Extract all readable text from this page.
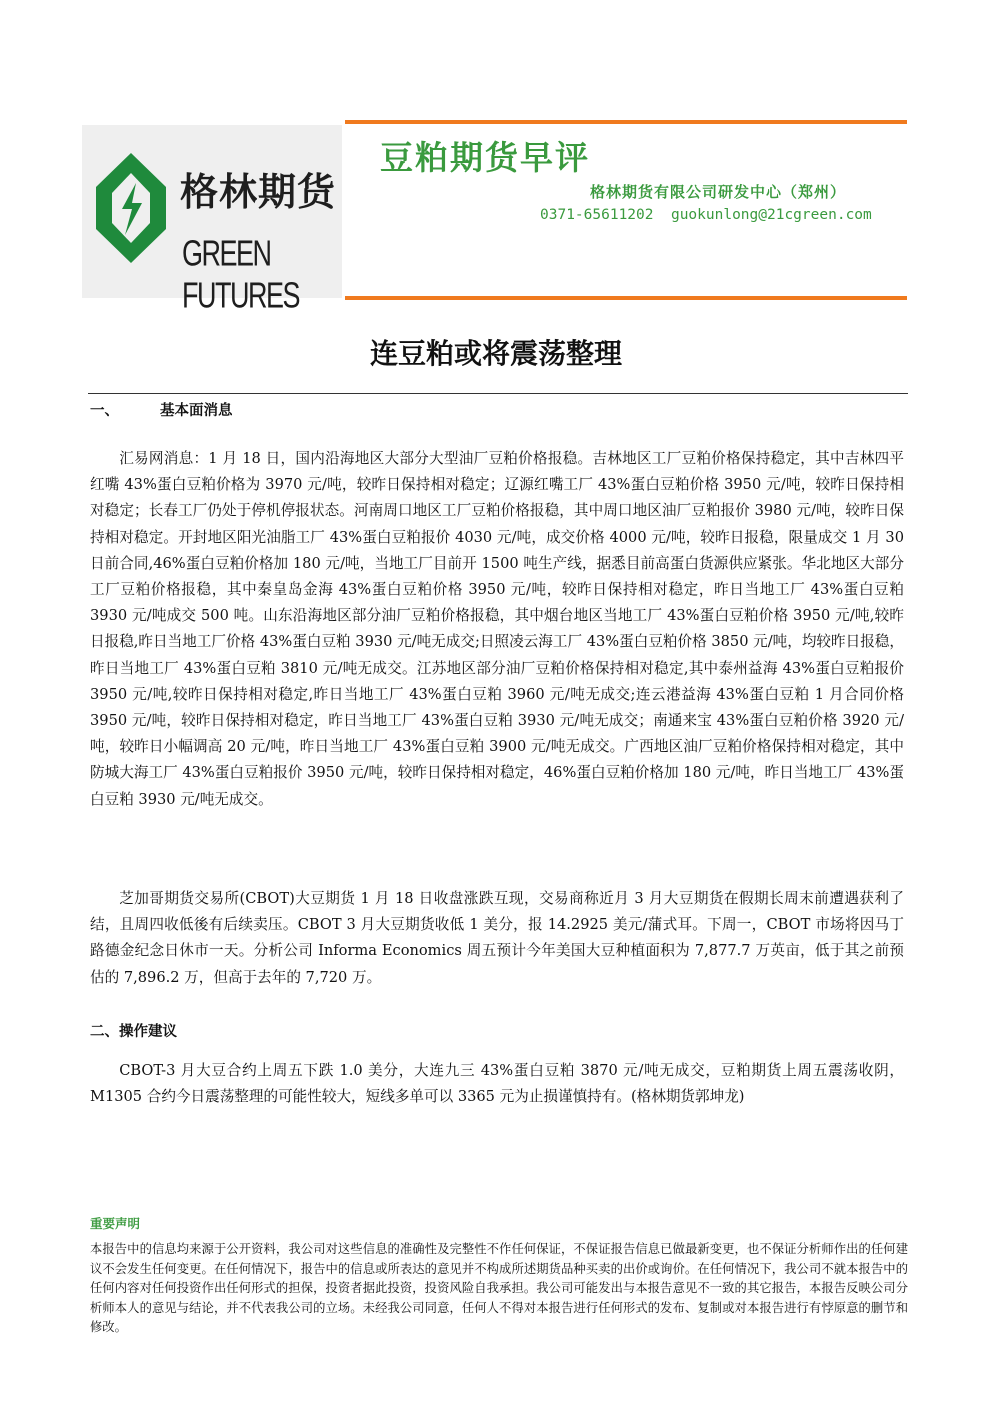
格林期货
GREEN FUTURES
豆粕期货早评
格林期货有限公司研发中心（郑州）
0371-65611202 guokunlong@21cgreen.com
连豆粕或将震荡整理
一、	基本面消息

汇易网消息：1 月 18 日，国内沿海地区大部分大型油厂豆粕价格报稳。吉林地区工厂豆粕价格保持稳定，其中吉林四平红嘴 43%蛋白豆粕价格为 3970 元/吨，较昨日保持相对稳定；辽源红嘴工厂 43%蛋白豆粕价格 3950 元/吨，较昨日保持相对稳定；长春工厂仍处于停机停报状态。河南周口地区工厂豆粕价格报稳，其中周口地区油厂豆粕报价 3980 元/吨，较昨日保持相对稳定。开封地区阳光油脂工厂 43%蛋白豆粕报价 4030 元/吨，成交价格 4000 元/吨，较昨日报稳，限量成交 1 月 30 日前合同,46%蛋白豆粕价格加 180 元/吨，当地工厂目前开 1500 吨生产线，据悉目前高蛋白货源供应紧张。华北地区大部分工厂豆粕价格报稳，其中秦皇岛金海 43%蛋白豆粕价格 3950 元/吨，较昨日保持相对稳定，昨日当地工厂 43%蛋白豆粕 3930 元/吨成交 500 吨。山东沿海地区部分油厂豆粕价格报稳，其中烟台地区当地工厂 43%蛋白豆粕价格 3950 元/吨,较昨日报稳,昨日当地工厂价格 43%蛋白豆粕 3930 元/吨无成交;日照凌云海工厂 43%蛋白豆粕价格 3850 元/吨，均较昨日报稳，昨日当地工厂 43%蛋白豆粕 3810 元/吨无成交。江苏地区部分油厂豆粕价格保持相对稳定,其中泰州益海 43%蛋白豆粕报价 3950 元/吨,较昨日保持相对稳定,昨日当地工厂 43%蛋白豆粕 3960 元/吨无成交;连云港益海 43%蛋白豆粕 1 月合同价格 3950 元/吨，较昨日保持相对稳定，昨日当地工厂 43%蛋白豆粕 3930 元/吨无成交；南通来宝 43%蛋白豆粕价格 3920 元/吨，较昨日小幅调高 20 元/吨，昨日当地工厂 43%蛋白豆粕 3900 元/吨无成交。广西地区油厂豆粕价格保持相对稳定，其中防城大海工厂 43%蛋白豆粕报价 3950 元/吨，较昨日保持相对稳定，46%蛋白豆粕价格加 180 元/吨，昨日当地工厂 43%蛋白豆粕 3930 元/吨无成交。

芝加哥期货交易所(CBOT)大豆期货 1 月 18 日收盘涨跌互现，交易商称近月 3 月大豆期货在假期长周末前遭遇获利了结，且周四收低後有后续卖压。CBOT 3 月大豆期货收低 1 美分，报 14.2925 美元/蒲式耳。下周一，CBOT 市场将因马丁路德金纪念日休市一天。分析公司 Informa Economics 周五预计今年美国大豆种植面积为 7,877.7 万英亩，低于其之前预估的 7,896.2 万，但高于去年的 7,720 万。

二、操作建议

CBOT-3 月大豆合约上周五下跌 1.0 美分，大连九三 43%蛋白豆粕 3870 元/吨无成交，豆粕期货上周五震荡收阴，M1305 合约今日震荡整理的可能性较大，短线多单可以 3365 元为止损谨慎持有。(格林期货郭坤龙)

重要声明

本报告中的信息均来源于公开资料，我公司对这些信息的准确性及完整性不作任何保证，不保证报告信息已做最新变更，也不保证分析师作出的任何建议不会发生任何变更。在任何情况下，报告中的信息或所表达的意见并不构成所述期货品种买卖的出价或询价。在任何情况下，我公司不就本报告中的任何内容对任何投资作出任何形式的担保，投资者据此投资，投资风险自我承担。我公司可能发出与本报告意见不一致的其它报告，本报告反映公司分析师本人的意见与结论，并不代表我公司的立场。未经我公司同意，任何人不得对本报告进行任何形式的发布、复制或对本报告进行有悖原意的删节和修改。
